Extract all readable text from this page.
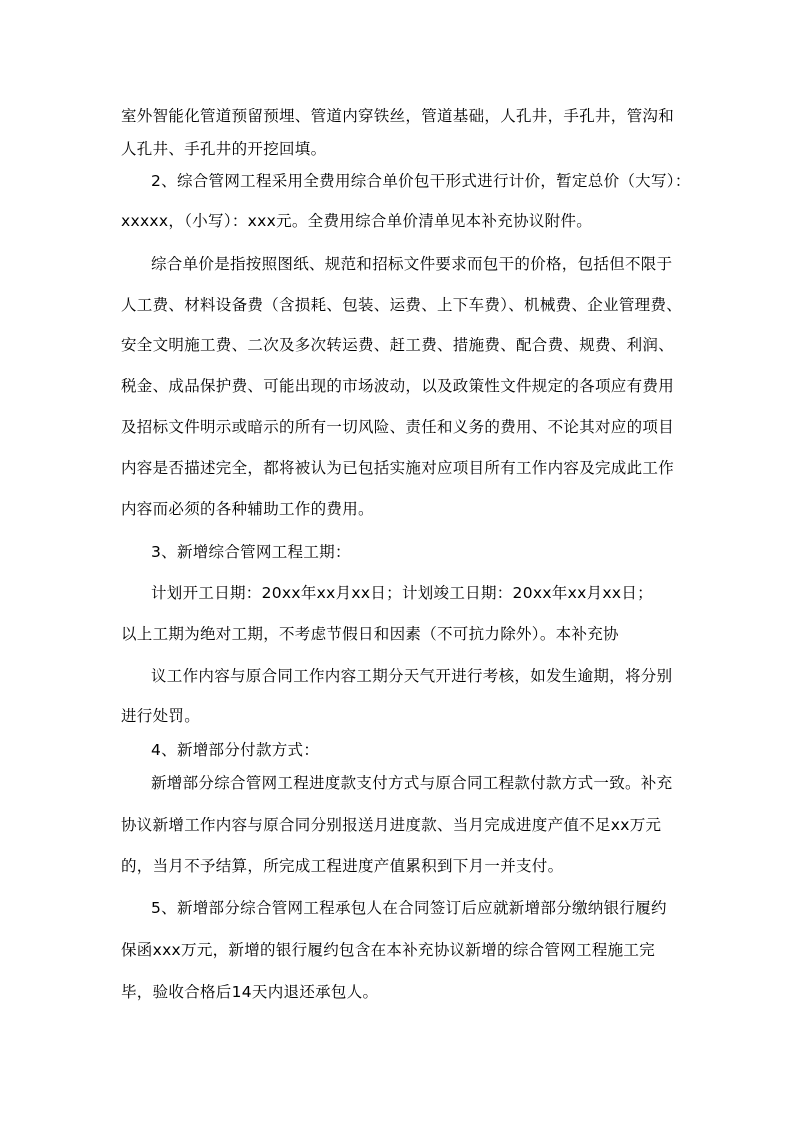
室外智能化管道预留预埋、管道内穿铁丝，管道基础，人孔井，手孔井，管沟和

人孔井、手孔井的开挖回填。

2、综合管网工程采用全费用综合单价包干形式进行计价，暂定总价（大写）：

xxxxx，（小写）：xxx元。全费用综合单价清单见本补充协议附件。

综合单价是指按照图纸、规范和招标文件要求而包干的价格，包括但不限于

人工费、材料设备费（含损耗、包装、运费、上下车费）、机械费、企业管理费、

安全文明施工费、二次及多次转运费、赶工费、措施费、配合费、规费、利润、

税金、成品保护费、可能出现的市场波动，以及政策性文件规定的各项应有费用

及招标文件明示或暗示的所有一切风险、责任和义务的费用、不论其对应的项目

内容是否描述完全，都将被认为已包括实施对应项目所有工作内容及完成此工作

内容而必须的各种辅助工作的费用。

3、新增综合管网工程工期：

计划开工日期：20xx年xx月xx日；计划竣工日期：20xx年xx月xx日；

以上工期为绝对工期，不考虑节假日和因素（不可抗力除外）。本补充协

议工作内容与原合同工作内容工期分天气开进行考核，如发生逾期，将分别

进行处罚。

4、新增部分付款方式：

新增部分综合管网工程进度款支付方式与原合同工程款付款方式一致。补充

协议新增工作内容与原合同分别报送月进度款、当月完成进度产值不足xx万元

的，当月不予结算，所完成工程进度产值累积到下月一并支付。

5、新增部分综合管网工程承包人在合同签订后应就新增部分缴纳银行履约

保函xxx万元，新增的银行履约包含在本补充协议新增的综合管网工程施工完

毕，验收合格后14天内退还承包人。
